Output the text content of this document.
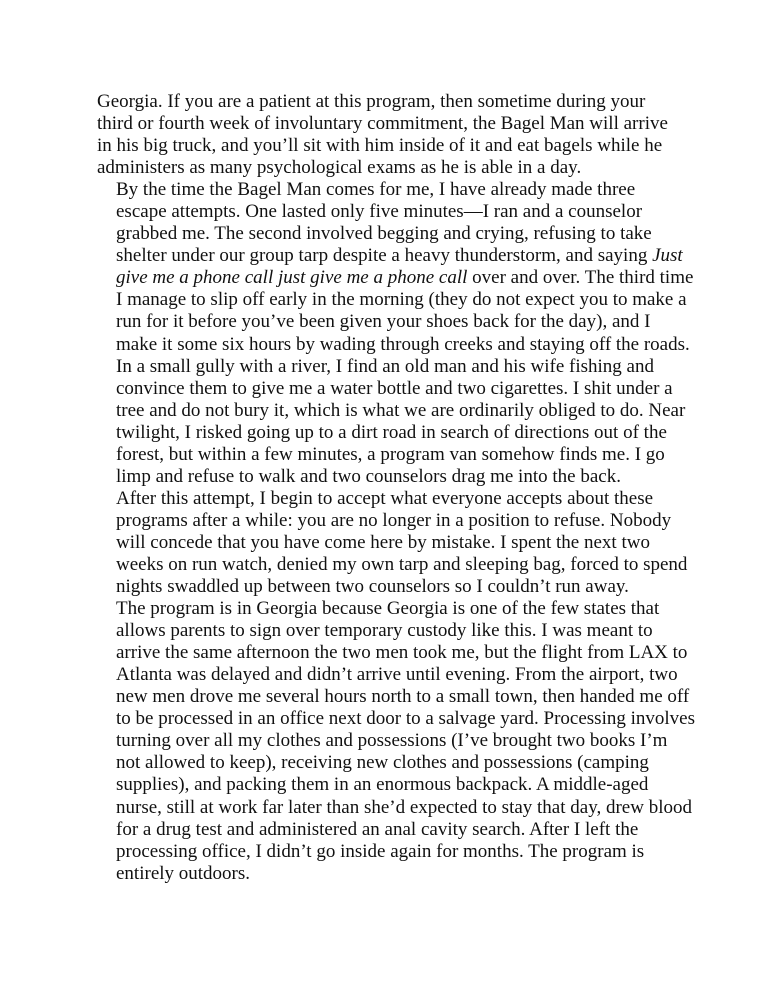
Georgia. If you are a patient at this program, then sometime during your
third or fourth week of involuntary commitment, the Bagel Man will arrive
in his big truck, and you’ll sit with him inside of it and eat bagels while he
administers as many psychological exams as he is able in a day.

By the time the Bagel Man comes for me, I have already made three
escape attempts. One lasted only five minutes—I ran and a counselor
grabbed me. The second involved begging and crying, refusing to take
shelter under our group tarp despite a heavy thunderstorm, and saying Just
give me a phone call just give me a phone call over and over. The third time
I manage to slip off early in the morning (they do not expect you to make a
run for it before you’ve been given your shoes back for the day), and I
make it some six hours by wading through creeks and staying off the roads.
In a small gully with a river, I find an old man and his wife fishing and
convince them to give me a water bottle and two cigarettes. I shit under a
tree and do not bury it, which is what we are ordinarily obliged to do. Near
twilight, I risked going up to a dirt road in search of directions out of the
forest, but within a few minutes, a program van somehow finds me. I go
limp and refuse to walk and two counselors drag me into the back.

After this attempt, I begin to accept what everyone accepts about these
programs after a while: you are no longer in a position to refuse. Nobody
will concede that you have come here by mistake. I spent the next two
weeks on run watch, denied my own tarp and sleeping bag, forced to spend
nights swaddled up between two counselors so I couldn’t run away.

The program is in Georgia because Georgia is one of the few states that
allows parents to sign over temporary custody like this. I was meant to
arrive the same afternoon the two men took me, but the flight from LAX to
Atlanta was delayed and didn’t arrive until evening. From the airport, two
new men drove me several hours north to a small town, then handed me off
to be processed in an office next door to a salvage yard. Processing involves
turning over all my clothes and possessions (I’ve brought two books I’m
not allowed to keep), receiving new clothes and possessions (camping
supplies), and packing them in an enormous backpack. A middle-aged
nurse, still at work far later than she’d expected to stay that day, drew blood
for a drug test and administered an anal cavity search. After I left the
processing office, I didn’t go inside again for months. The program is
entirely outdoors.
